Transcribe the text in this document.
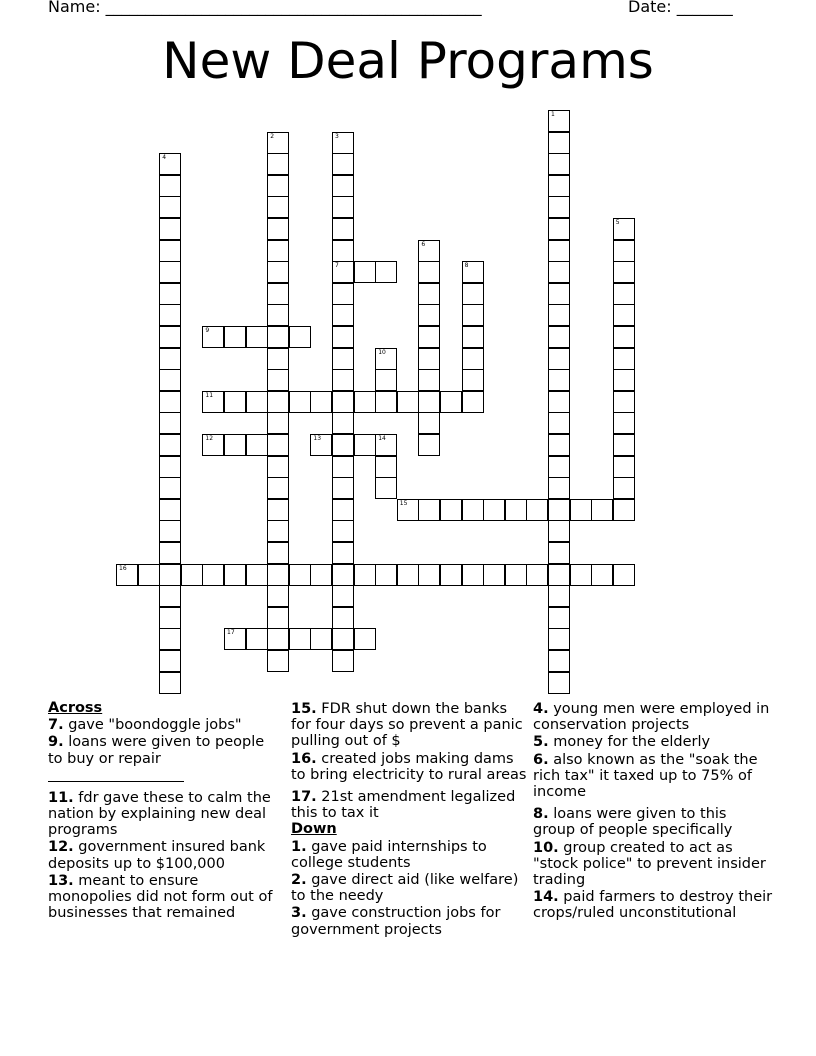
Name: _______________________________________________	Date: _______
New Deal Programs
1
2	3
7
4
5
6
8
9
10
11
12	13	14
15
16
17
Across
7. gave "boondoggle jobs"
9. loans were given to people to buy or repair
11. fdr gave these to calm the nation by explaining new deal programs
12. government insured bank deposits up to $100,000
13. meant to ensure monopolies did not form out of businesses that remained
15. FDR shut down the banks for four days so prevent a panic pulling out of $
16. created jobs making dams to bring electricity to rural areas
17. 21st amendment legalized this to tax it
Down
1. gave paid internships to college students
2. gave direct aid (like welfare) to the needy
3. gave construction jobs for government projects
4. young men were employed in conservation projects
5. money for the elderly
6. also known as the "soak the rich tax" it taxed up to 75% of income
8. loans were given to this group of people specifically
10. group created to act as "stock police" to prevent insider trading
14. paid farmers to destroy their crops/ruled unconstitutional
